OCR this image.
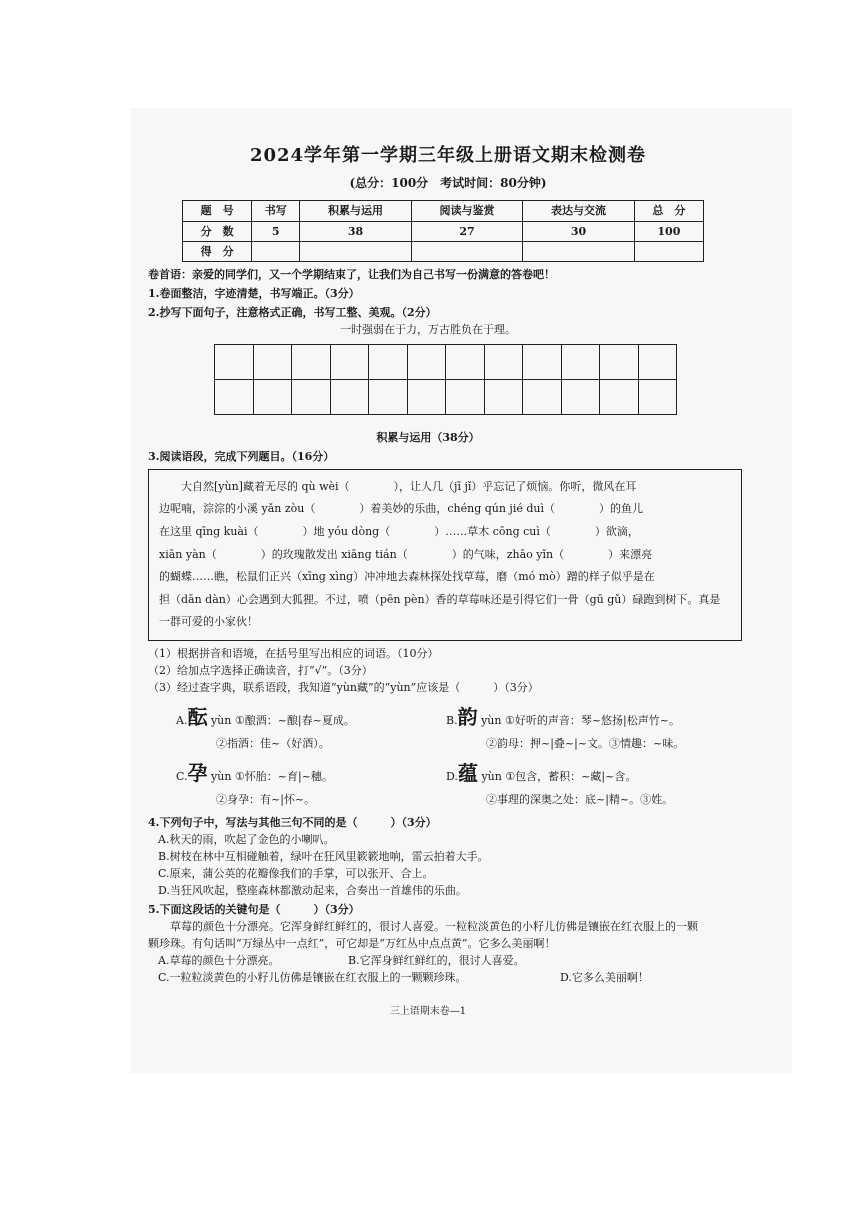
2024学年第一学期三年级上册语文期末检测卷
(总分：100分　考试时间：80分钟)
题　号	书写	积累与运用	阅读与鉴赏	表达与交流	总　分
分　数	5	38	27	30	100
得　分					
卷首语：亲爱的同学们，又一个学期结束了，让我们为自己书写一份满意的答卷吧！
1.卷面整洁，字迹清楚，书写端正。（3分）
2.抄写下面句子，注意格式正确，书写工整、美观。（2分）
一时强弱在于力，万古胜负在于理。
积累与运用（38分）
3.阅读语段，完成下列题目。（16分）
　　大自然[yùn]藏着无尽的 qù wèi（　　　　），让人几（jī jǐ）乎忘记了烦恼。你听，微风在耳
边呢喃，淙淙的小溪 yǎn zòu（　　　　）着美妙的乐曲，chéng qún jié duì（　　　　）的鱼儿
在这里 qīng kuài（　　　　）地 yóu dòng（　　　　）……草木 cōng cuì（　　　　）欲滴，
xiān yàn（　　　　）的玫瑰散发出 xiāng tián（　　　　）的气味，zhāo yǐn（　　　　）来漂亮
的蝴蝶……瞧，松鼠们正兴（xīng xìng）冲冲地去森林探处找草莓，磨（mó mò）蹭的样子似乎是在
担（dān dàn）心会遇到大狐狸。不过，喷（pēn pèn）香的草莓味还是引得它们一骨（gū gǔ）碌跑到树下。真是一群可爱的小家伙！
（1）根据拼音和语境，在括号里写出相应的词语。（10分）
（2）给加点字选择正确读音，打“√”。（3分）
（3）经过查字典，联系语段，我知道“yùn藏”的“yùn”应该是（　　　）（3分）
A.酝 yùn ①酿酒：~酿|春~夏成。
②指酒：佳~（好酒）。
B.韵 yùn ①好听的声音：琴~悠扬|松声竹~。
②韵母：押~|叠~|~文。③情趣：~味。
C.孕 yùn ①怀胎：~育|~穗。
②身孕：有~|怀~。
D.蕴 yùn ①包含，蓄积：~藏|~含。
②事理的深奥之处：底~|精~。③姓。
4.下列句子中，写法与其他三句不同的是（　　　）（3分）
A.秋天的雨，吹起了金色的小喇叭。
B.树枝在林中互相碰触着，绿叶在狂风里簌簌地响，雷云拍着大手。
C.原来，蒲公英的花瓣像我们的手掌，可以张开、合上。
D.当狂风吹起，整座森林都激动起来，合奏出一首雄伟的乐曲。
5.下面这段话的关键句是（　　　）（3分）
草莓的颜色十分漂亮。它浑身鲜红鲜红的，很讨人喜爱。一粒粒淡黄色的小籽儿仿佛是镶嵌在红衣服上的一颗颗珍珠。有句话叫“万绿丛中一点红”，可它却是“万红丛中点点黄”。它多么美丽啊！
A.草莓的颜色十分漂亮。	B.它浑身鲜红鲜红的，很讨人喜爱。
C.一粒粒淡黄色的小籽儿仿佛是镶嵌在红衣服上的一颗颗珍珠。	D.它多么美丽啊！
三上语期末卷—1
